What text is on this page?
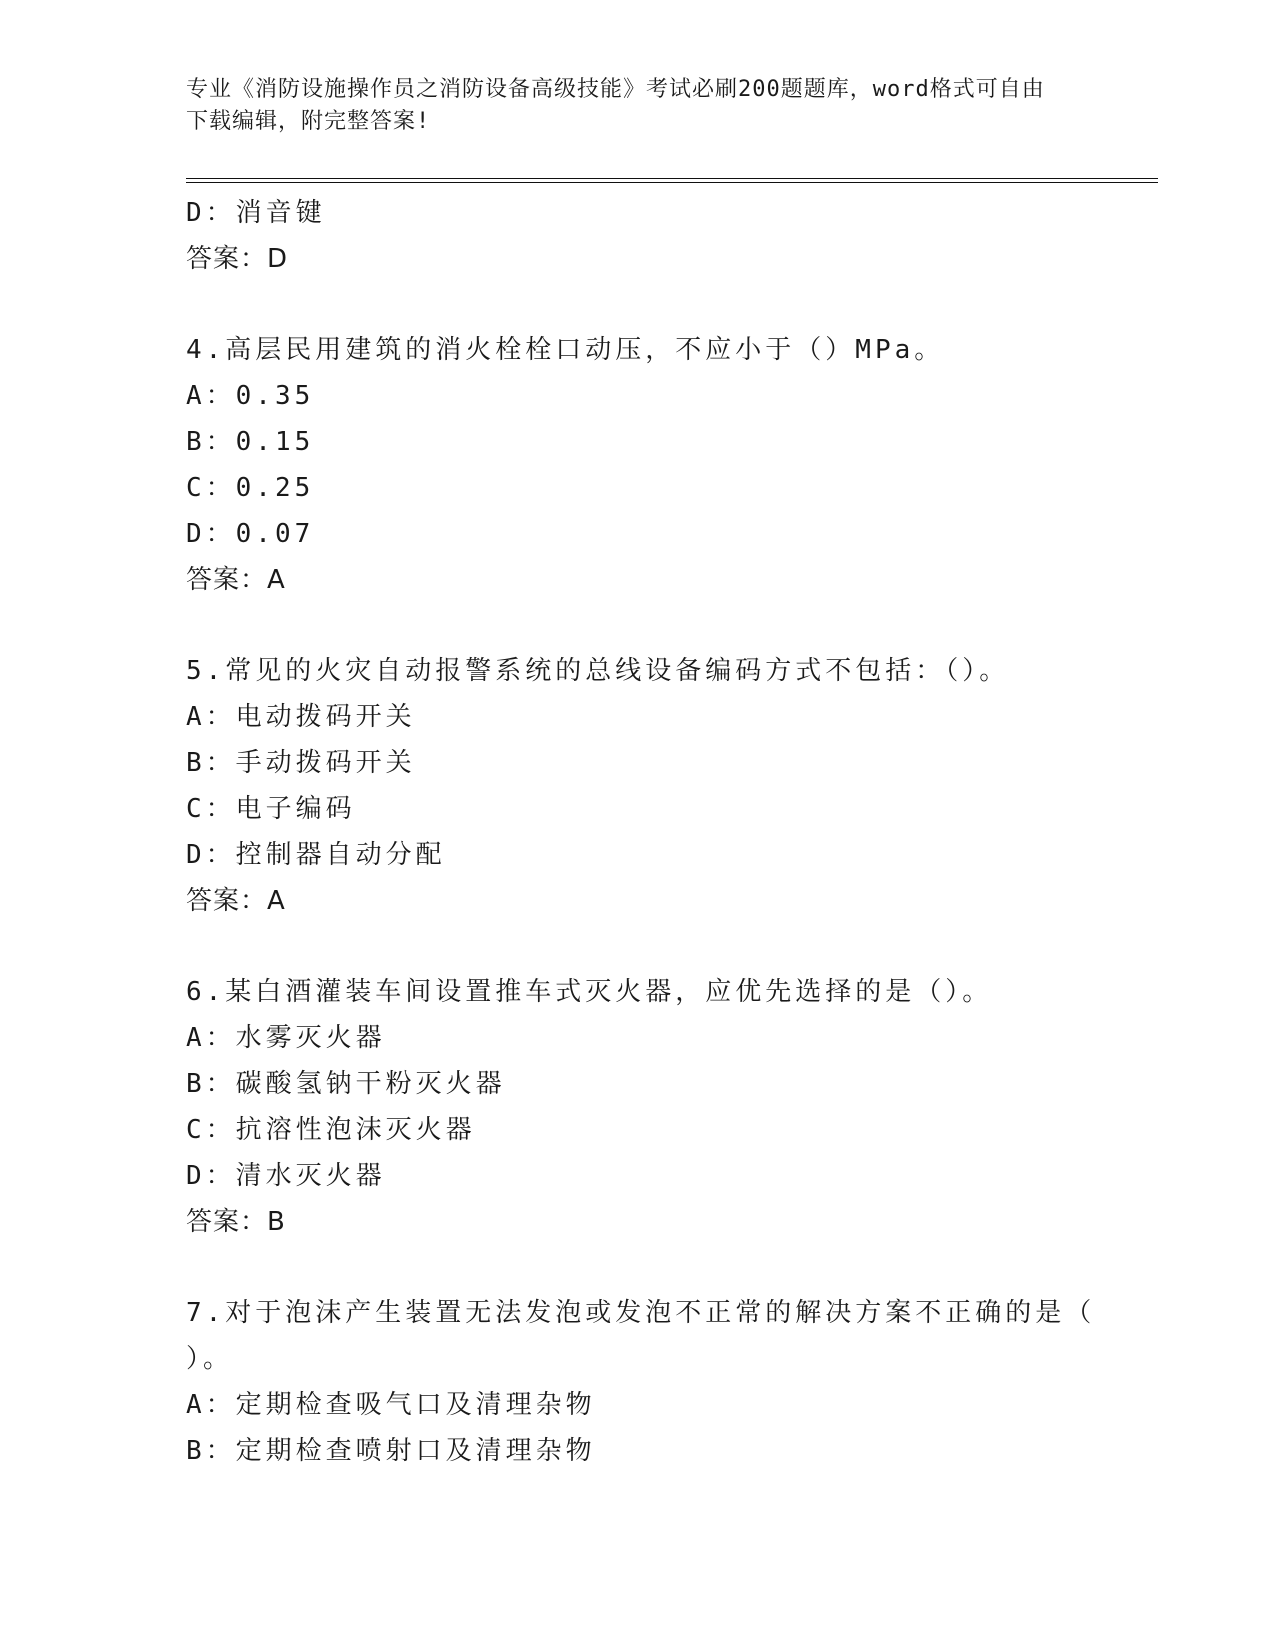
专业《消防设施操作员之消防设备高级技能》考试必刷200题题库，word格式可自由下载编辑，附完整答案!
D：消音键
答案：D
4.高层民用建筑的消火栓栓口动压，不应小于（）MPa。
A：0.35
B：0.15
C：0.25
D：0.07
答案：A
5.常见的火灾自动报警系统的总线设备编码方式不包括：（）。
A：电动拨码开关
B：手动拨码开关
C：电子编码
D：控制器自动分配
答案：A
6.某白酒灌装车间设置推车式灭火器，应优先选择的是（）。
A：水雾灭火器
B：碳酸氢钠干粉灭火器
C：抗溶性泡沫灭火器
D：清水灭火器
答案：B
7.对于泡沫产生装置无法发泡或发泡不正常的解决方案不正确的是（
）。
A：定期检查吸气口及清理杂物
B：定期检查喷射口及清理杂物
